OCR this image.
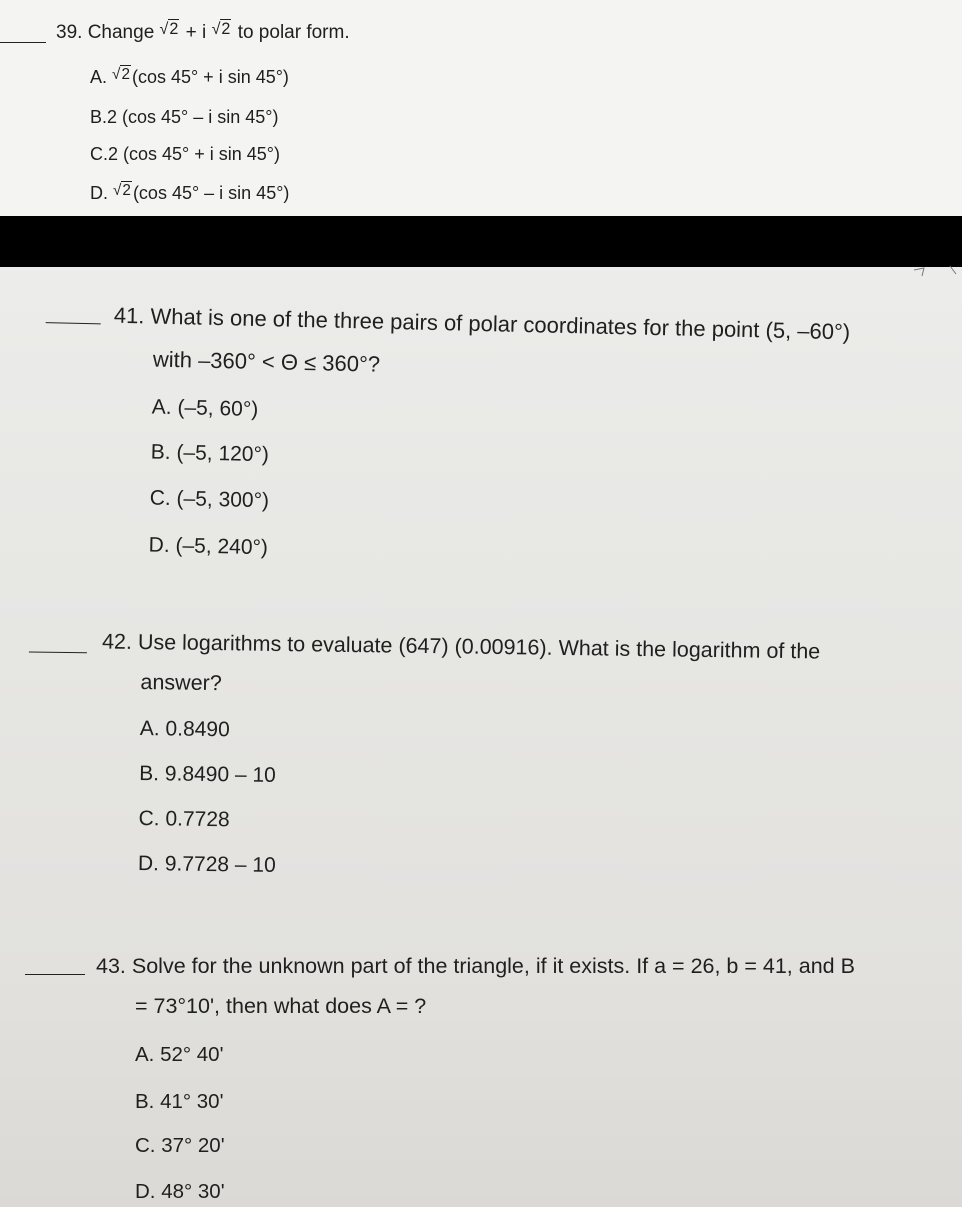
39. Change √2 + i √2 to polar form.
A. √2 (cos 45° + i sin 45°)
B.2 (cos 45° – i sin 45°)
C.2 (cos 45° + i sin 45°)
D. √2 (cos 45° – i sin 45°)
41. What is one of the three pairs of polar coordinates for the point (5, –60°)
with –360° < Θ ≤ 360°?
A. (–5, 60°)
B. (–5, 120°)
C. (–5, 300°)
D. (–5, 240°)
42. Use logarithms to evaluate (647) (0.00916). What is the logarithm of the
answer?
A. 0.8490
B. 9.8490 – 10
C. 0.7728
D. 9.7728 – 10
43. Solve for the unknown part of the triangle, if it exists. If a = 26, b = 41, and B
= 73°10', then what does A = ?
A. 52° 40'
B. 41° 30'
C. 37° 20'
D. 48° 30'
